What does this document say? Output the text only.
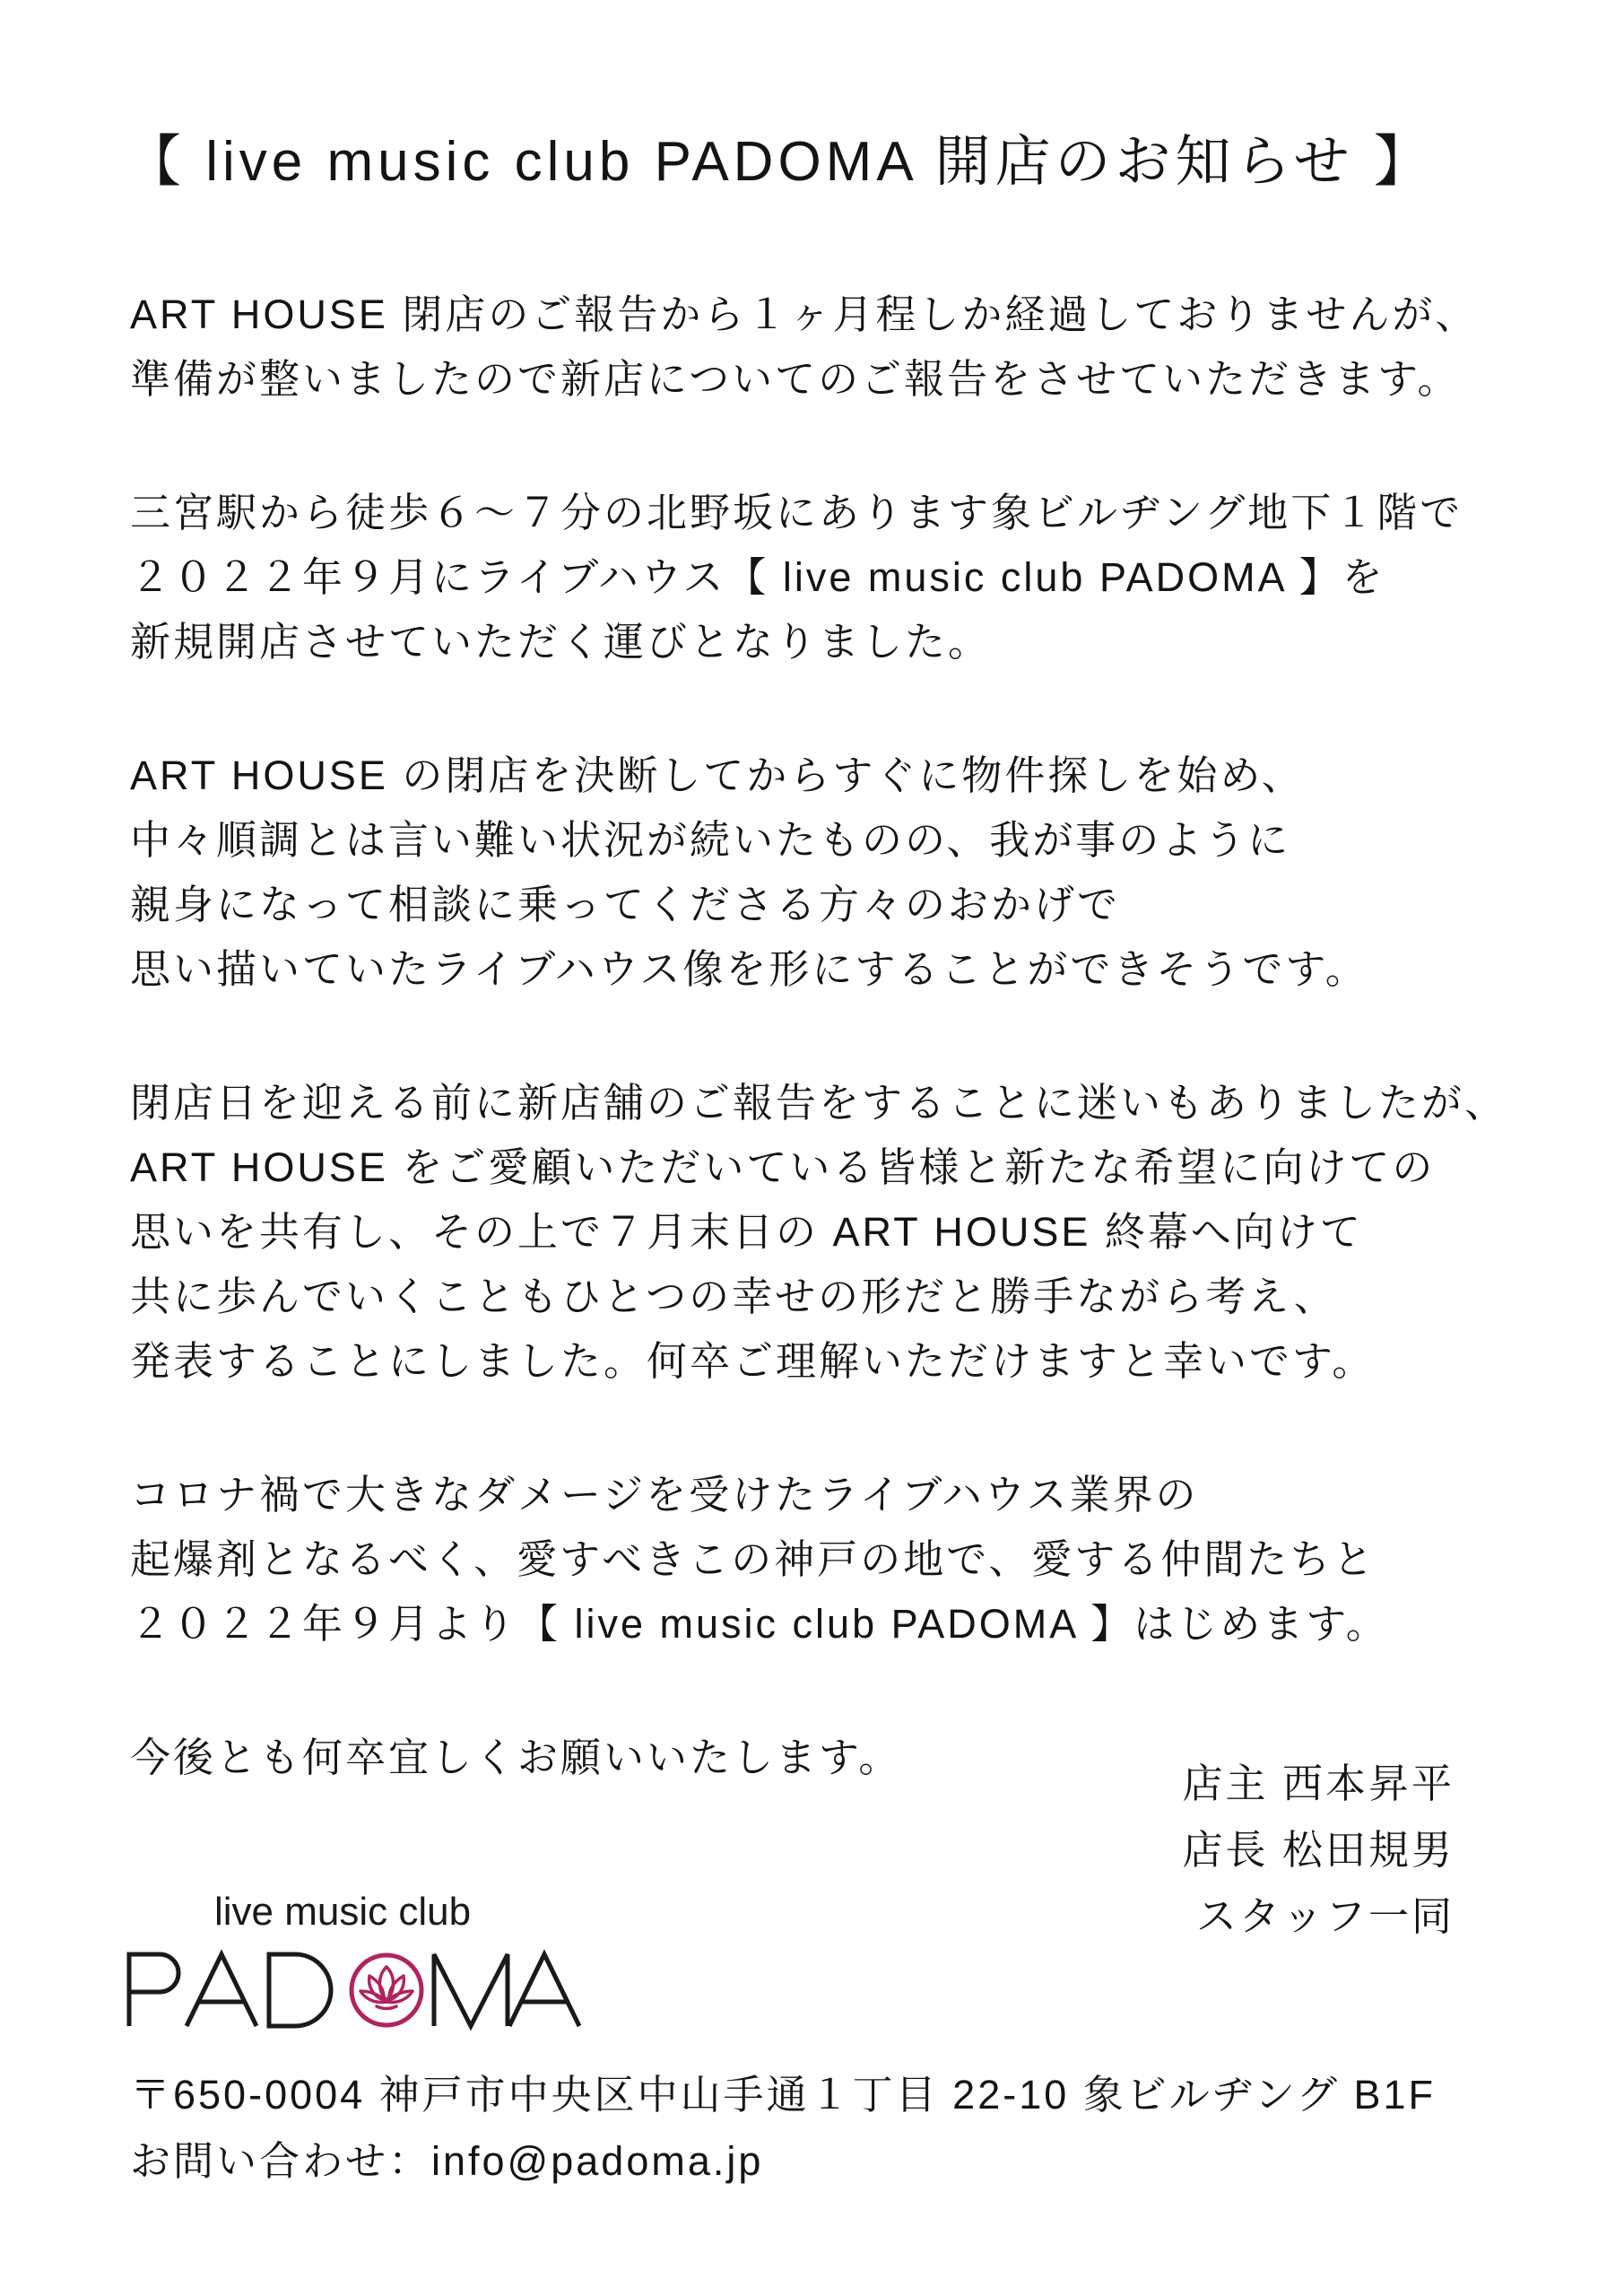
【 live music club PADOMA 開店のお知らせ 】
ART HOUSE 閉店のご報告から１ヶ月程しか経過しておりませんが、
準備が整いましたので新店についてのご報告をさせていただきます。
三宮駅から徒歩６～７分の北野坂にあります象ビルヂング地下１階で
２０２２年９月にライブハウス【 live music club PADOMA 】を
新規開店させていただく運びとなりました。
ART HOUSE の閉店を決断してからすぐに物件探しを始め、
中々順調とは言い難い状況が続いたものの、我が事のように
親身になって相談に乗ってくださる方々のおかげで
思い描いていたライブハウス像を形にすることができそうです。
閉店日を迎える前に新店舗のご報告をすることに迷いもありましたが、
ART HOUSE をご愛顧いただいている皆様と新たな希望に向けての
思いを共有し、その上で７月末日の ART HOUSE 終幕へ向けて
共に歩んでいくこともひとつの幸せの形だと勝手ながら考え、
発表することにしました。何卒ご理解いただけますと幸いです。
コロナ禍で大きなダメージを受けたライブハウス業界の
起爆剤となるべく、愛すべきこの神戸の地で、愛する仲間たちと
２０２２年９月より【 live music club PADOMA 】はじめます。
今後とも何卒宜しくお願いいたします。
店主 西本昇平
店長 松田規男
スタッフ一同
live music club
〒650-0004 神戸市中央区中山手通１丁目 22-10 象ビルヂング B1F
お問い合わせ：info@padoma.jp
